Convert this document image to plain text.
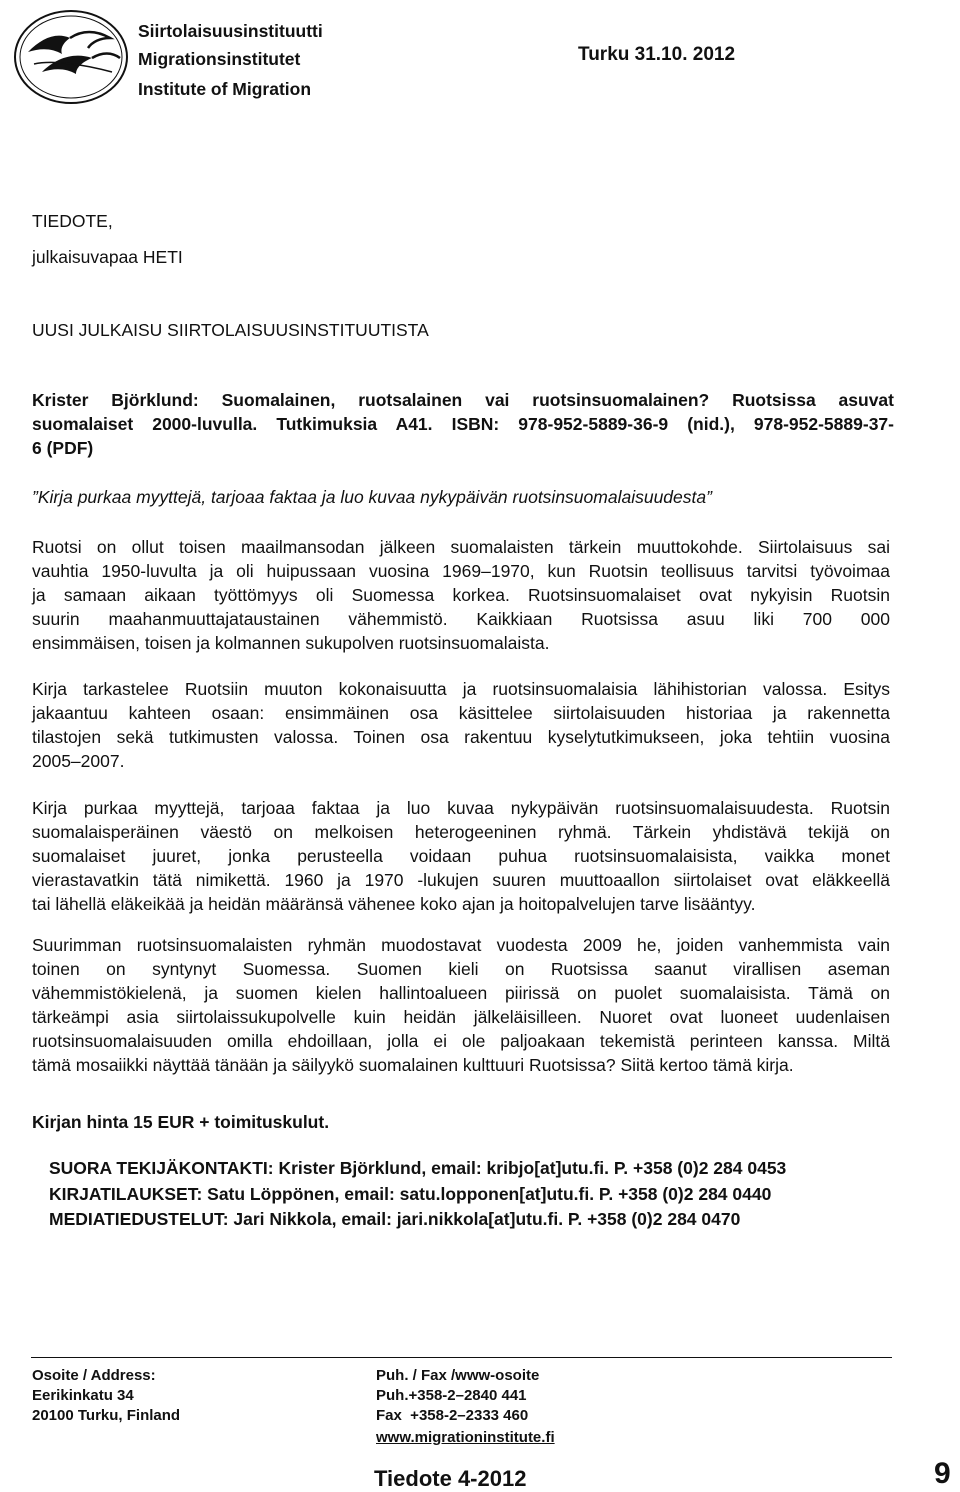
Siirtolaisuusinstituutti
Migrationsinstitutet
Institute of Migration
Turku 31.10. 2012
TIEDOTE,
julkaisuvapaa HETI
UUSI JULKAISU SIIRTOLAISUUSINSTITUUTISTA
Krister Björklund: Suomalainen, ruotsalainen vai ruotsinsuomalainen? Ruotsissa asuvat
suomalaiset 2000-luvulla. Tutkimuksia A41. ISBN: 978-952-5889-36-9 (nid.), 978-952-5889-37-
6 (PDF)
”Kirja purkaa myyttejä, tarjoaa faktaa ja luo kuvaa nykypäivän ruotsinsuomalaisuudesta”
Ruotsi on ollut toisen maailmansodan jälkeen suomalaisten tärkein muuttokohde. Siirtolaisuus sai
vauhtia 1950-luvulta ja oli huipussaan vuosina 1969–1970, kun Ruotsin teollisuus tarvitsi työvoimaa
ja samaan aikaan työttömyys oli Suomessa korkea. Ruotsinsuomalaiset ovat nykyisin Ruotsin
suurin maahanmuuttajataustainen vähemmistö. Kaikkiaan Ruotsissa asuu liki 700 000
ensimmäisen, toisen ja kolmannen sukupolven ruotsinsuomalaista.
Kirja tarkastelee Ruotsiin muuton kokonaisuutta ja ruotsinsuomalaisia lähihistorian valossa. Esitys
jakaantuu kahteen osaan: ensimmäinen osa käsittelee siirtolaisuuden historiaa ja rakennetta
tilastojen sekä tutkimusten valossa. Toinen osa rakentuu kyselytutkimukseen, joka tehtiin vuosina
2005–2007.
Kirja purkaa myyttejä, tarjoaa faktaa ja luo kuvaa nykypäivän ruotsinsuomalaisuudesta. Ruotsin
suomalaisperäinen väestö on melkoisen heterogeeninen ryhmä. Tärkein yhdistävä tekijä on
suomalaiset juuret, jonka perusteella voidaan puhua ruotsinsuomalaisista, vaikka monet
vierastavatkin tätä nimikettä. 1960 ja 1970 -lukujen suuren muuttoaallon siirtolaiset ovat eläkkeellä
tai lähellä eläkeikää ja heidän määränsä vähenee koko ajan ja hoitopalvelujen tarve lisääntyy.
Suurimman ruotsinsuomalaisten ryhmän muodostavat vuodesta 2009 he, joiden vanhemmista vain
toinen on syntynyt Suomessa. Suomen kieli on Ruotsissa saanut virallisen aseman
vähemmistökielenä, ja suomen kielen hallintoalueen piirissä on puolet suomalaisista. Tämä on
tärkeämpi asia siirtolaissukupolvelle kuin heidän jälkeläisilleen. Nuoret ovat luoneet uudenlaisen
ruotsinsuomalaisuuden omilla ehdoillaan, jolla ei ole paljoakaan tekemistä perinteen kanssa. Miltä
tämä mosaiikki näyttää tänään ja säilyykö suomalainen kulttuuri Ruotsissa? Siitä kertoo tämä kirja.
Kirjan hinta 15 EUR + toimituskulut.
SUORA TEKIJÄKONTAKTI: Krister Björklund, email: kribjo[at]utu.fi. P. +358 (0)2 284 0453
KIRJATILAUKSET: Satu Löppönen, email: satu.lopponen[at]utu.fi. P. +358 (0)2 284 0440
MEDIATIEDUSTELUT: Jari Nikkola, email: jari.nikkola[at]utu.fi. P. +358 (0)2 284 0470
Osoite / Address:
Eerikinkatu 34
20100 Turku, Finland
Puh. / Fax /www-osoite
Puh.+358-2–2840 441
Fax  +358-2–2333 460
www.migrationinstitute.fi
Tiedote 4-2012	9
